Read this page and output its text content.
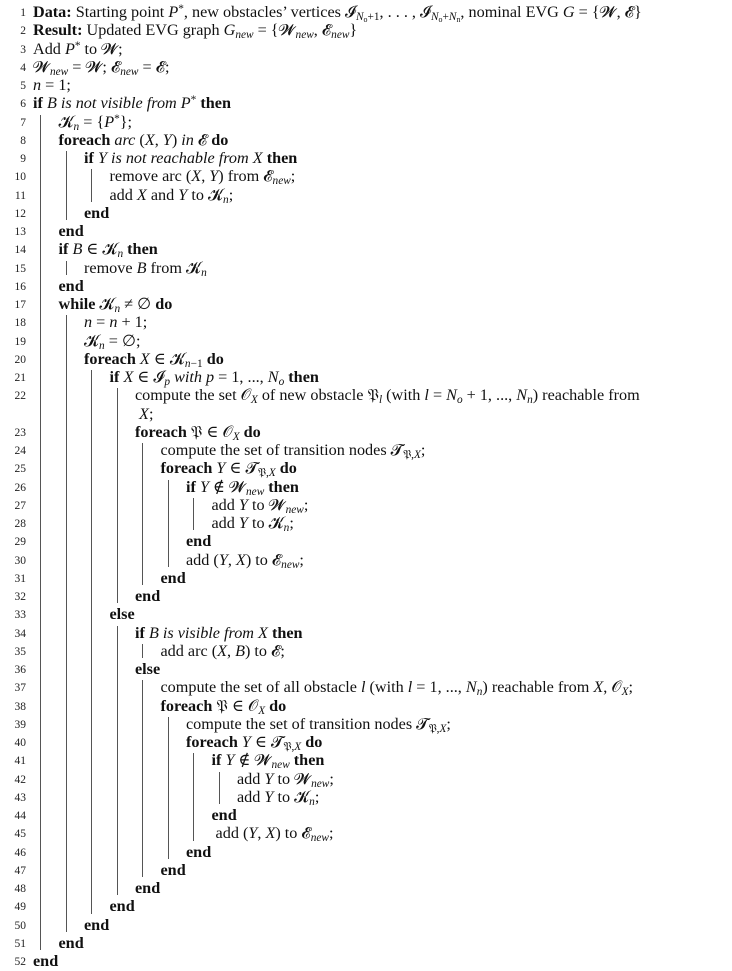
1 Data: Starting point P*, new obstacles’ vertices 𝓘$_{N_o+1}$, . . . , 𝓘$_{N_o+N_n}$, nominal EVG G = {𝓦, 𝓔}
2 Result: Updated EVG graph $G_{new}$ = {𝓦$_{new}$, 𝓔$_{new}$}
3 Add P* to 𝓦;
4 𝓦$_{new}$ = 𝓦; 𝓔$_{new}$ = 𝓔;
5 n = 1;
6 if B is not visible from P* then
7 𝓚$_n$ = {P*};
8 foreach arc (X, Y) in 𝓔 do
9	if Y is not reachable from X then
10	remove arc (X, Y) from 𝓔$_{new}$;
11	add X and Y to 𝓚$_n$;
12	end
13 end
14 if B ∈ 𝓚$_n$ then
15	remove B from 𝓚$_n$
16 end
17 while 𝓚$_n$ ≠ ∅ do
18	n = n + 1;
19	𝓚$_n$ = ∅;
20	foreach X ∈ 𝓚$_{n-1}$ do
21	if X ∈ 𝓘$_p$ with p = 1, ..., $N_o$ then
22	compute the set 𝒪$_X$ of new obstacle 𝔓$_l$ (with $l = N_o + 1$, ..., $N_n$) reachable from
X;
23	foreach 𝔓 ∈ 𝒪$_X$ do
24	compute the set of transition nodes 𝓣$_{𝔓,X}$;
25	foreach Y ∈ 𝓣$_{𝔓,X}$ do
26	if Y ∉ 𝓦$_{new}$ then
27	add Y to 𝓦$_{new}$;
28	add Y to 𝓚$_n$;
29	end
30	add (Y, X) to 𝓔$_{new}$;
31	end
32	end
33	else
34	if B is visible from X then
35	add arc (X, B) to 𝓔;
36	else
37	compute the set of all obstacle l (with l = 1, ..., $N_n$) reachable from X, 𝒪$_X$;
38	foreach 𝔓 ∈ 𝒪$_X$ do
39	compute the set of transition nodes 𝓣$_{𝔓,X}$;
40	foreach Y ∈ 𝓣$_{𝔓,X}$ do
41	if Y ∉ 𝓦$_{new}$ then
42	add Y to 𝓦$_{new}$;
43	add Y to 𝓚$_n$;
44	end
45	add (Y, X) to 𝓔$_{new}$;
46	end
47	end
48	end
49	end
50	end
51 end
52 end
